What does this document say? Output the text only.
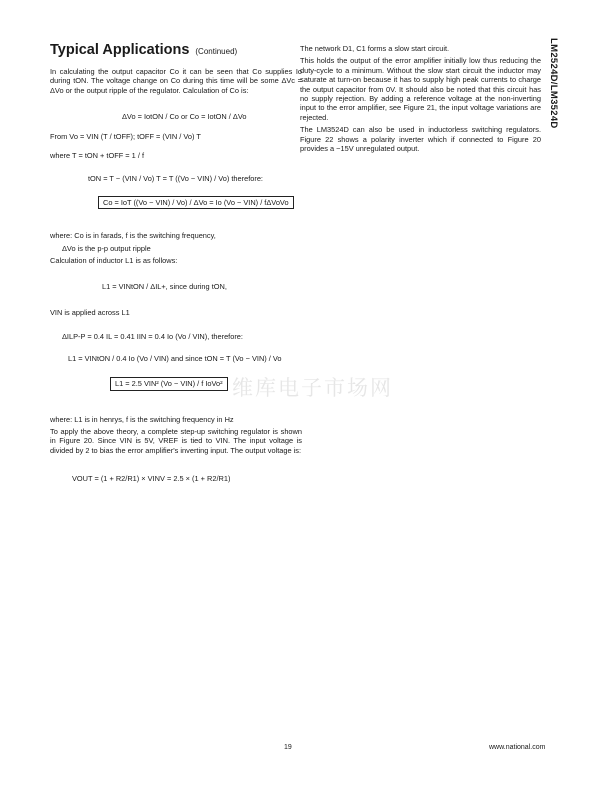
维库电子市场网
LM2524D/LM3524D
Typical Applications (Continued)

In calculating the output capacitor Co it can be seen that Co supplies Io during tON. The voltage change on Co during this time will be some ΔVc = ΔVo or the output ripple of the regulator. Calculation of Co is:

ΔVo = IotON / Co or Co = IotON / ΔVo
From Vo = VIN (T / tOFF); tOFF = (VIN / Vo) T
where T = tON + tOFF = 1 / f
tON = T − (VIN / Vo) T = T ((Vo − VIN) / Vo) therefore:
Co = IoT ((Vo − VIN) / Vo) / ΔVo = Io (Vo − VIN) / fΔVoVo

where: Co is in farads, f is the switching frequency,

ΔVo is the p-p output ripple

Calculation of inductor L1 is as follows:

L1 = VINtON / ΔIL+, since during tON,

VIN is applied across L1

ΔILP-P = 0.4 IL = 0.41 IIN = 0.4 Io (Vo / VIN), therefore:
L1 = VINtON / 0.4 Io (Vo / VIN) and since tON = T (Vo − VIN) / Vo
L1 = 2.5 VIN² (Vo − VIN) / f IoVo²

where: L1 is in henrys, f is the switching frequency in Hz

To apply the above theory, a complete step-up switching regulator is shown in Figure 20. Since VIN is 5V, VREF is tied to VIN. The input voltage is divided by 2 to bias the error amplifier's inverting input. The output voltage is:

VOUT = (1 + R2/R1) × VINV = 2.5 × (1 + R2/R1)

The network D1, C1 forms a slow start circuit.

This holds the output of the error amplifier initially low thus reducing the duty-cycle to a minimum. Without the slow start circuit the inductor may saturate at turn-on because it has to supply high peak currents to charge the output capacitor from 0V. It should also be noted that this circuit has no supply rejection. By adding a reference voltage at the non-inverting input to the error amplifier, see Figure 21, the input voltage variations are rejected.

The LM3524D can also be used in inductorless switching regulators. Figure 22 shows a polarity inverter which if connected to Figure 20 provides a −15V unregulated output.

19	www.national.com
